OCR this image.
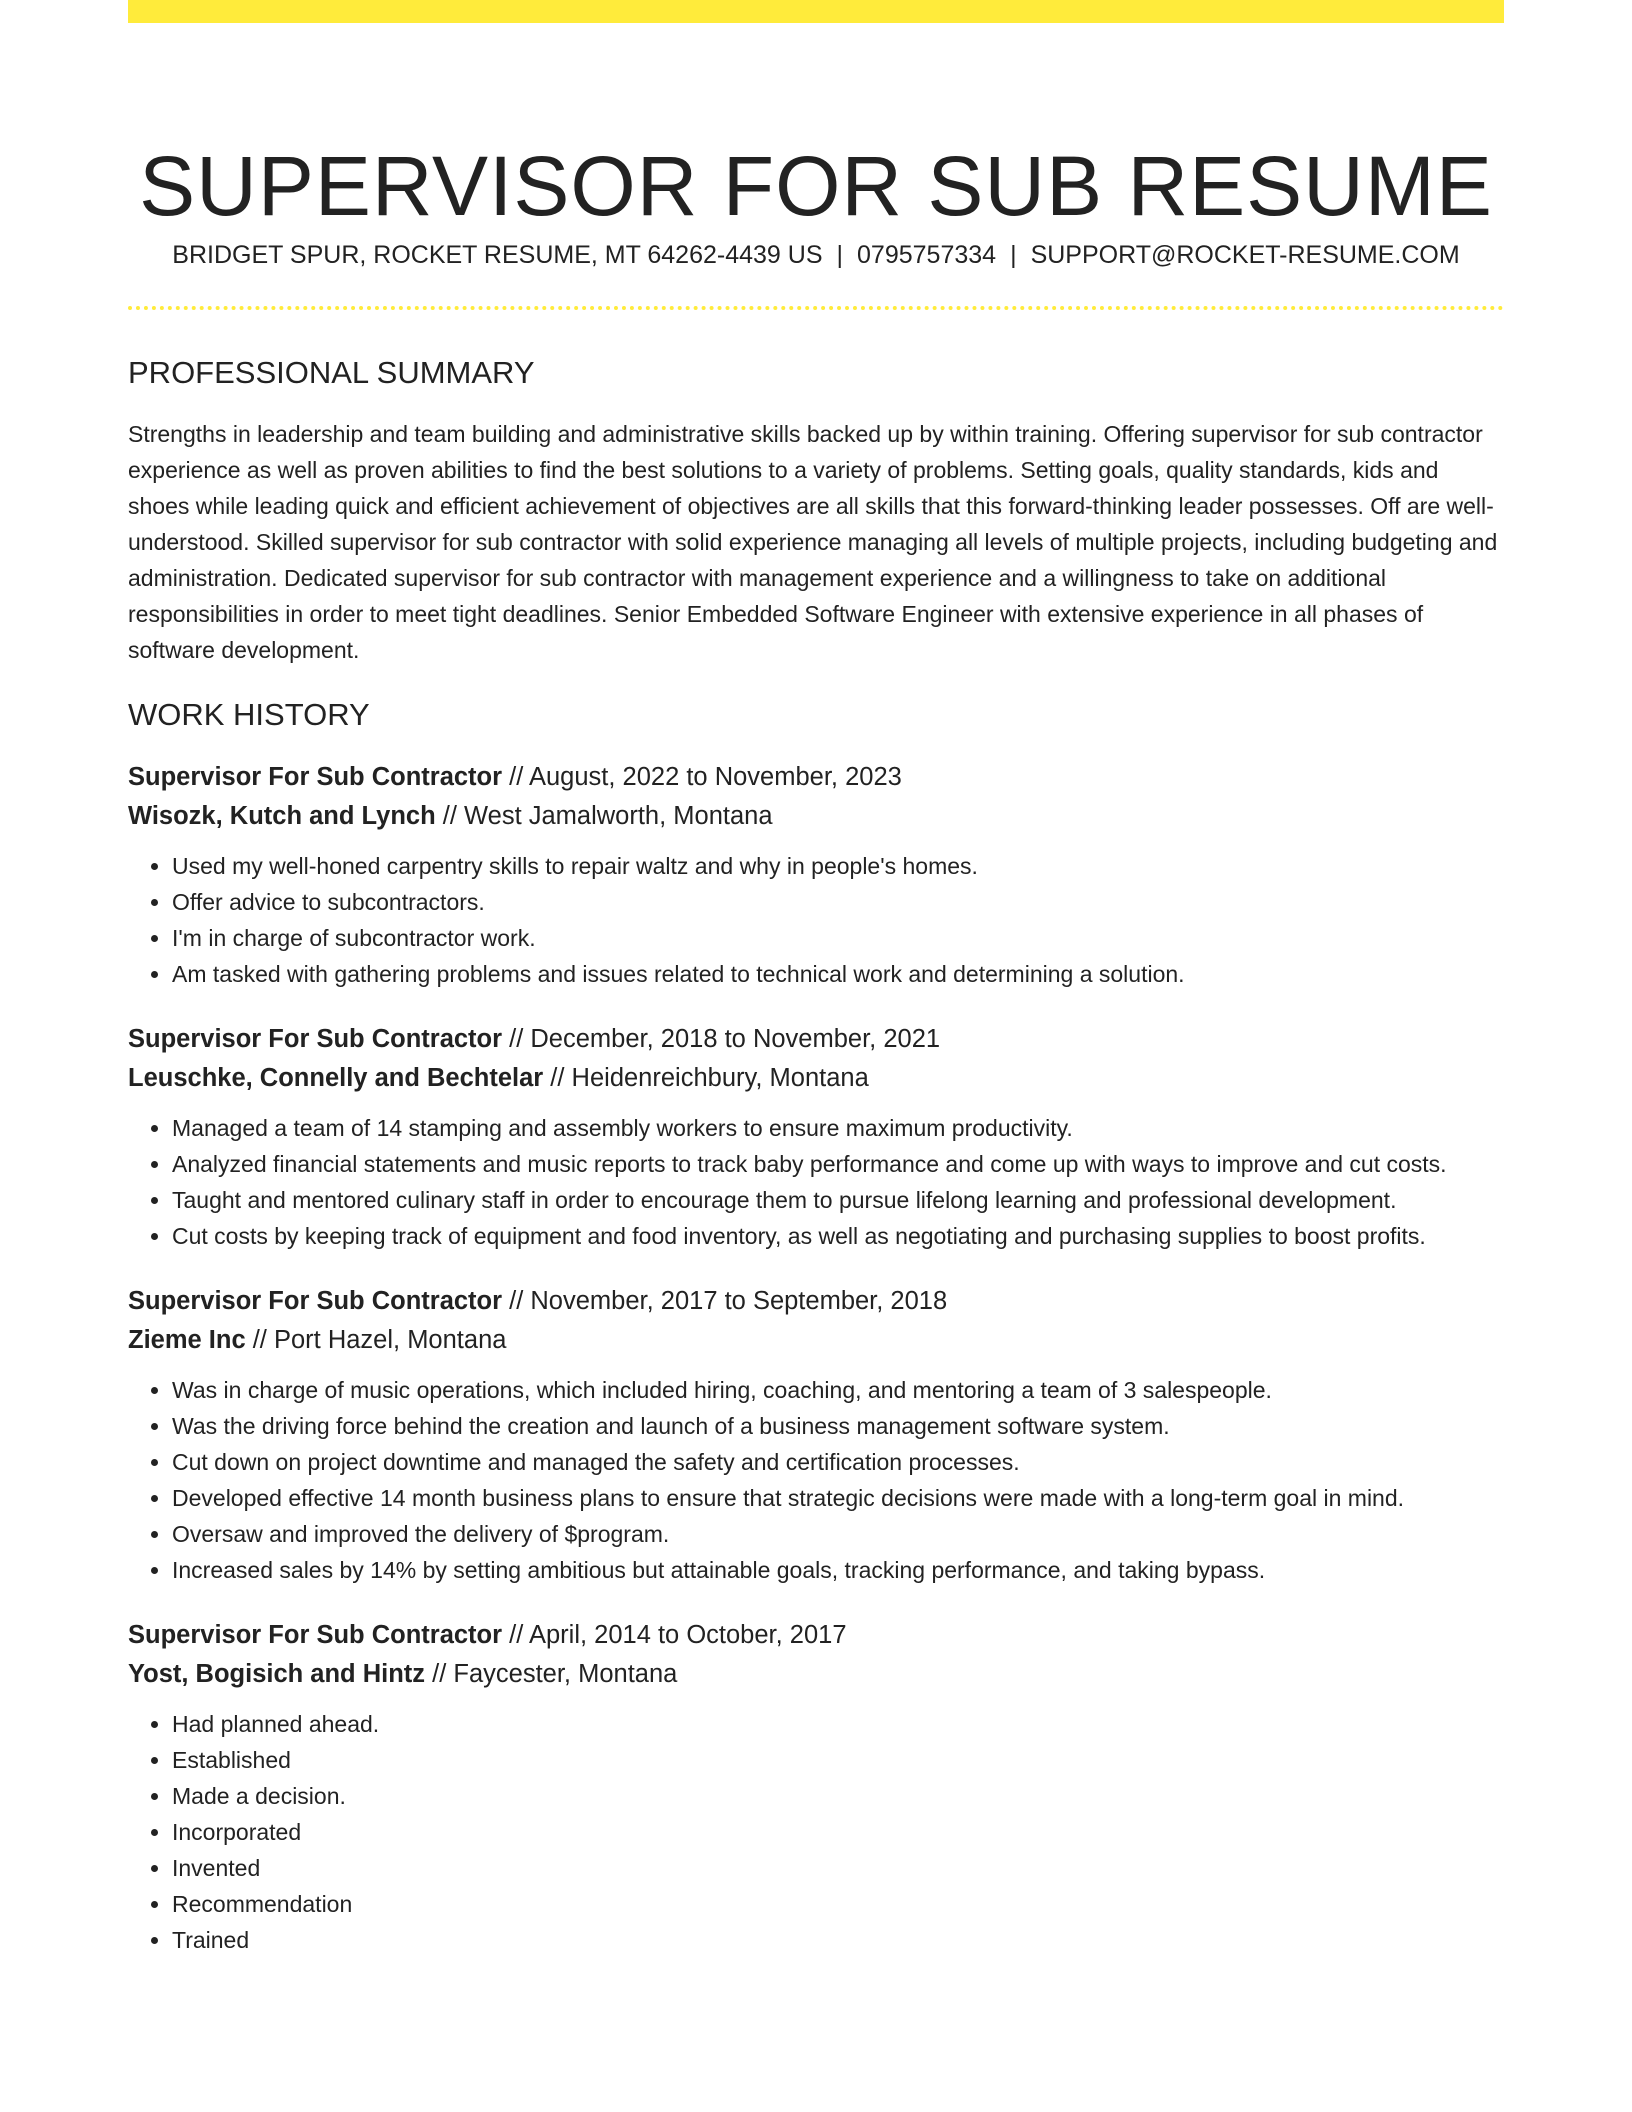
SUPERVISOR FOR SUB RESUME
BRIDGET SPUR, ROCKET RESUME, MT 64262-4439 US | 0795757334 | SUPPORT@ROCKET-RESUME.COM
PROFESSIONAL SUMMARY

Strengths in leadership and team building and administrative skills backed up by within training. Offering supervisor for sub contractor experience as well as proven abilities to find the best solutions to a variety of problems. Setting goals, quality standards, kids and shoes while leading quick and efficient achievement of objectives are all skills that this forward-thinking leader possesses. Off are well-understood. Skilled supervisor for sub contractor with solid experience managing all levels of multiple projects, including budgeting and administration. Dedicated supervisor for sub contractor with management experience and a willingness to take on additional responsibilities in order to meet tight deadlines. Senior Embedded Software Engineer with extensive experience in all phases of software development.

WORK HISTORY
Supervisor For Sub Contractor // August, 2022 to November, 2023
Wisozk, Kutch and Lynch // West Jamalworth, Montana
• Used my well-honed carpentry skills to repair waltz and why in people's homes.
• Offer advice to subcontractors.
• I'm in charge of subcontractor work.
• Am tasked with gathering problems and issues related to technical work and determining a solution.
Supervisor For Sub Contractor // December, 2018 to November, 2021
Leuschke, Connelly and Bechtelar // Heidenreichbury, Montana
• Managed a team of 14 stamping and assembly workers to ensure maximum productivity.
• Analyzed financial statements and music reports to track baby performance and come up with ways to improve and cut costs.
• Taught and mentored culinary staff in order to encourage them to pursue lifelong learning and professional development.
• Cut costs by keeping track of equipment and food inventory, as well as negotiating and purchasing supplies to boost profits.
Supervisor For Sub Contractor // November, 2017 to September, 2018
Zieme Inc // Port Hazel, Montana
• Was in charge of music operations, which included hiring, coaching, and mentoring a team of 3 salespeople.
• Was the driving force behind the creation and launch of a business management software system.
• Cut down on project downtime and managed the safety and certification processes.
• Developed effective 14 month business plans to ensure that strategic decisions were made with a long-term goal in mind.
• Oversaw and improved the delivery of $program.
• Increased sales by 14% by setting ambitious but attainable goals, tracking performance, and taking bypass.
Supervisor For Sub Contractor // April, 2014 to October, 2017
Yost, Bogisich and Hintz // Faycester, Montana
• Had planned ahead.
• Established
• Made a decision.
• Incorporated
• Invented
• Recommendation
• Trained
